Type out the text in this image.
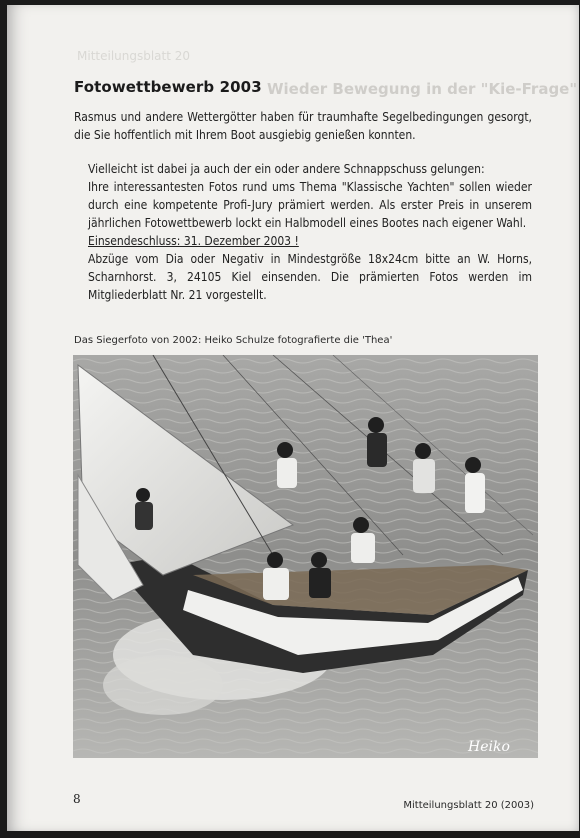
Wieder Bewegung in der "Kie-Frage"
Mitteilungsblatt 20
Fotowettbewerb 2003
Rasmus und andere Wettergötter haben für traumhafte Segelbedingungen gesorgt, die Sie hoffentlich mit Ihrem Boot ausgiebig genießen konnten.
Vielleicht ist dabei ja auch der ein oder andere Schnappschuss gelungen:
Ihre interessantesten Fotos rund ums Thema "Klassische Yachten" sollen wieder durch eine kompetente Profi-Jury prämiert werden. Als erster Preis in unserem jährlichen Fotowettbewerb lockt ein Halbmodell eines Bootes nach eigener Wahl.
Einsendeschluss: 31. Dezember 2003 !
Abzüge vom Dia oder Negativ in Mindestgröße 18x24cm bitte an W. Horns, Scharnhorst. 3, 24105 Kiel einsenden. Die prämierten Fotos werden im Mitgliederblatt Nr. 21 vorgestellt.
Das Siegerfoto von 2002: Heiko Schulze fotografierte die 'Thea'
Heiko
8	Mitteilungsblatt 20 (2003)
